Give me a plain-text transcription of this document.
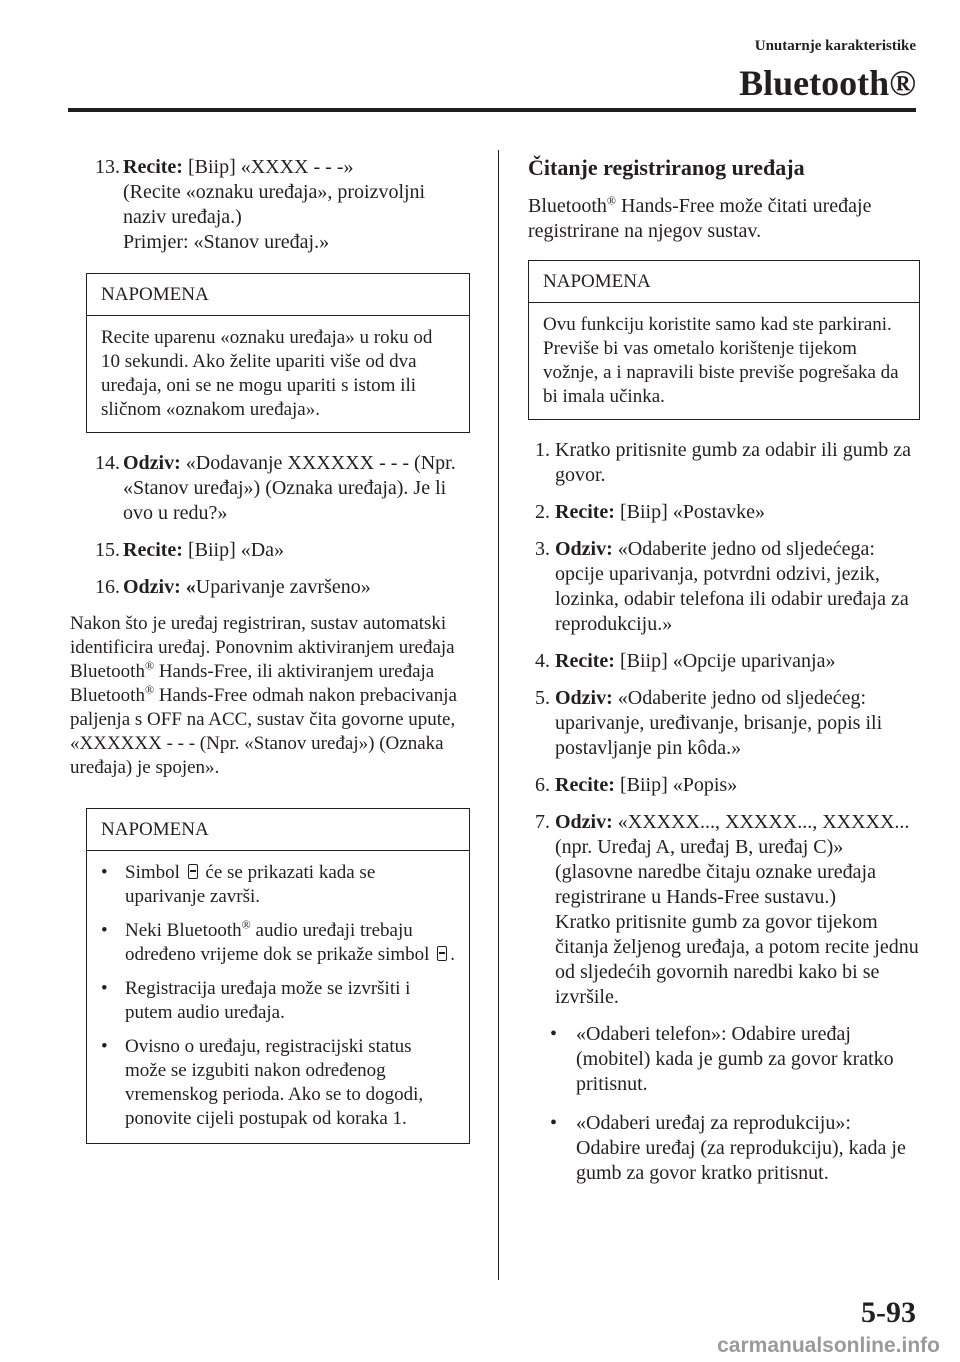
Unutarnje karakteristike
Bluetooth®
13. Recite: [Biip] «XXXX - - -»
(Recite «oznaku uređaja», proizvoljni naziv uređaja.)
Primjer: «Stanov uređaj.»
NAPOMENA

Recite uparenu «oznaku uređaja» u roku od 10 sekundi. Ako želite upariti više od dva uređaja, oni se ne mogu upariti s istom ili sličnom «oznakom uređaja».

14. Odziv: «Dodavanje XXXXXX - - - (Npr. «Stanov uređaj») (Oznaka uređaja). Je li ovo u redu?»
15. Recite: [Biip] «Da»
16. Odziv: «Uparivanje završeno»

Nakon što je uređaj registriran, sustav automatski identificira uređaj. Ponovnim aktiviranjem uređaja Bluetooth® Hands-Free, ili aktiviranjem uređaja Bluetooth® Hands-Free odmah nakon prebacivanja paljenja s OFF na ACC, sustav čita govorne upute, «XXXXXX - - - (Npr. «Stanov uređaj») (Oznaka uređaja) je spojen».

NAPOMENA
• Simbol  će se prikazati kada se uparivanje završi.
• Neki Bluetooth® audio uređaji trebaju određeno vrijeme dok se prikaže simbol .
• Registracija uređaja može se izvršiti i putem audio uređaja.
• Ovisno o uređaju, registracijski status može se izgubiti nakon određenog vremenskog perioda. Ako se to dogodi, ponovite cijeli postupak od koraka 1.
Čitanje registriranog uređaja

Bluetooth® Hands-Free može čitati uređaje registrirane na njegov sustav.

NAPOMENA

Ovu funkciju koristite samo kad ste parkirani. Previše bi vas ometalo korištenje tijekom vožnje, a i napravili biste previše pogrešaka da bi imala učinka.

1. Kratko pritisnite gumb za odabir ili gumb za govor.
2. Recite: [Biip] «Postavke»
3. Odziv: «Odaberite jedno od sljedećega: opcije uparivanja, potvrdni odzivi, jezik, lozinka, odabir telefona ili odabir uređaja za reprodukciju.»
4. Recite: [Biip] «Opcije uparivanja»
5. Odziv: «Odaberite jedno od sljedećeg: uparivanje, uređivanje, brisanje, popis ili postavljanje pin kôda.»
6. Recite: [Biip] «Popis»
7. Odziv: «XXXXX..., XXXXX..., XXXXX... (npr. Uređaj A, uređaj B, uređaj C)» (glasovne naredbe čitaju oznake uređaja registrirane u Hands-Free sustavu.)
Kratko pritisnite gumb za govor tijekom čitanja željenog uređaja, a potom recite jednu od sljedećih govornih naredbi kako bi se izvršile.
• «Odaberi telefon»: Odabire uređaj (mobitel) kada je gumb za govor kratko pritisnut.
• «Odaberi uređaj za reprodukciju»: Odabire uređaj (za reprodukciju), kada je gumb za govor kratko pritisnut.
5-93
carmanualsonline.info
